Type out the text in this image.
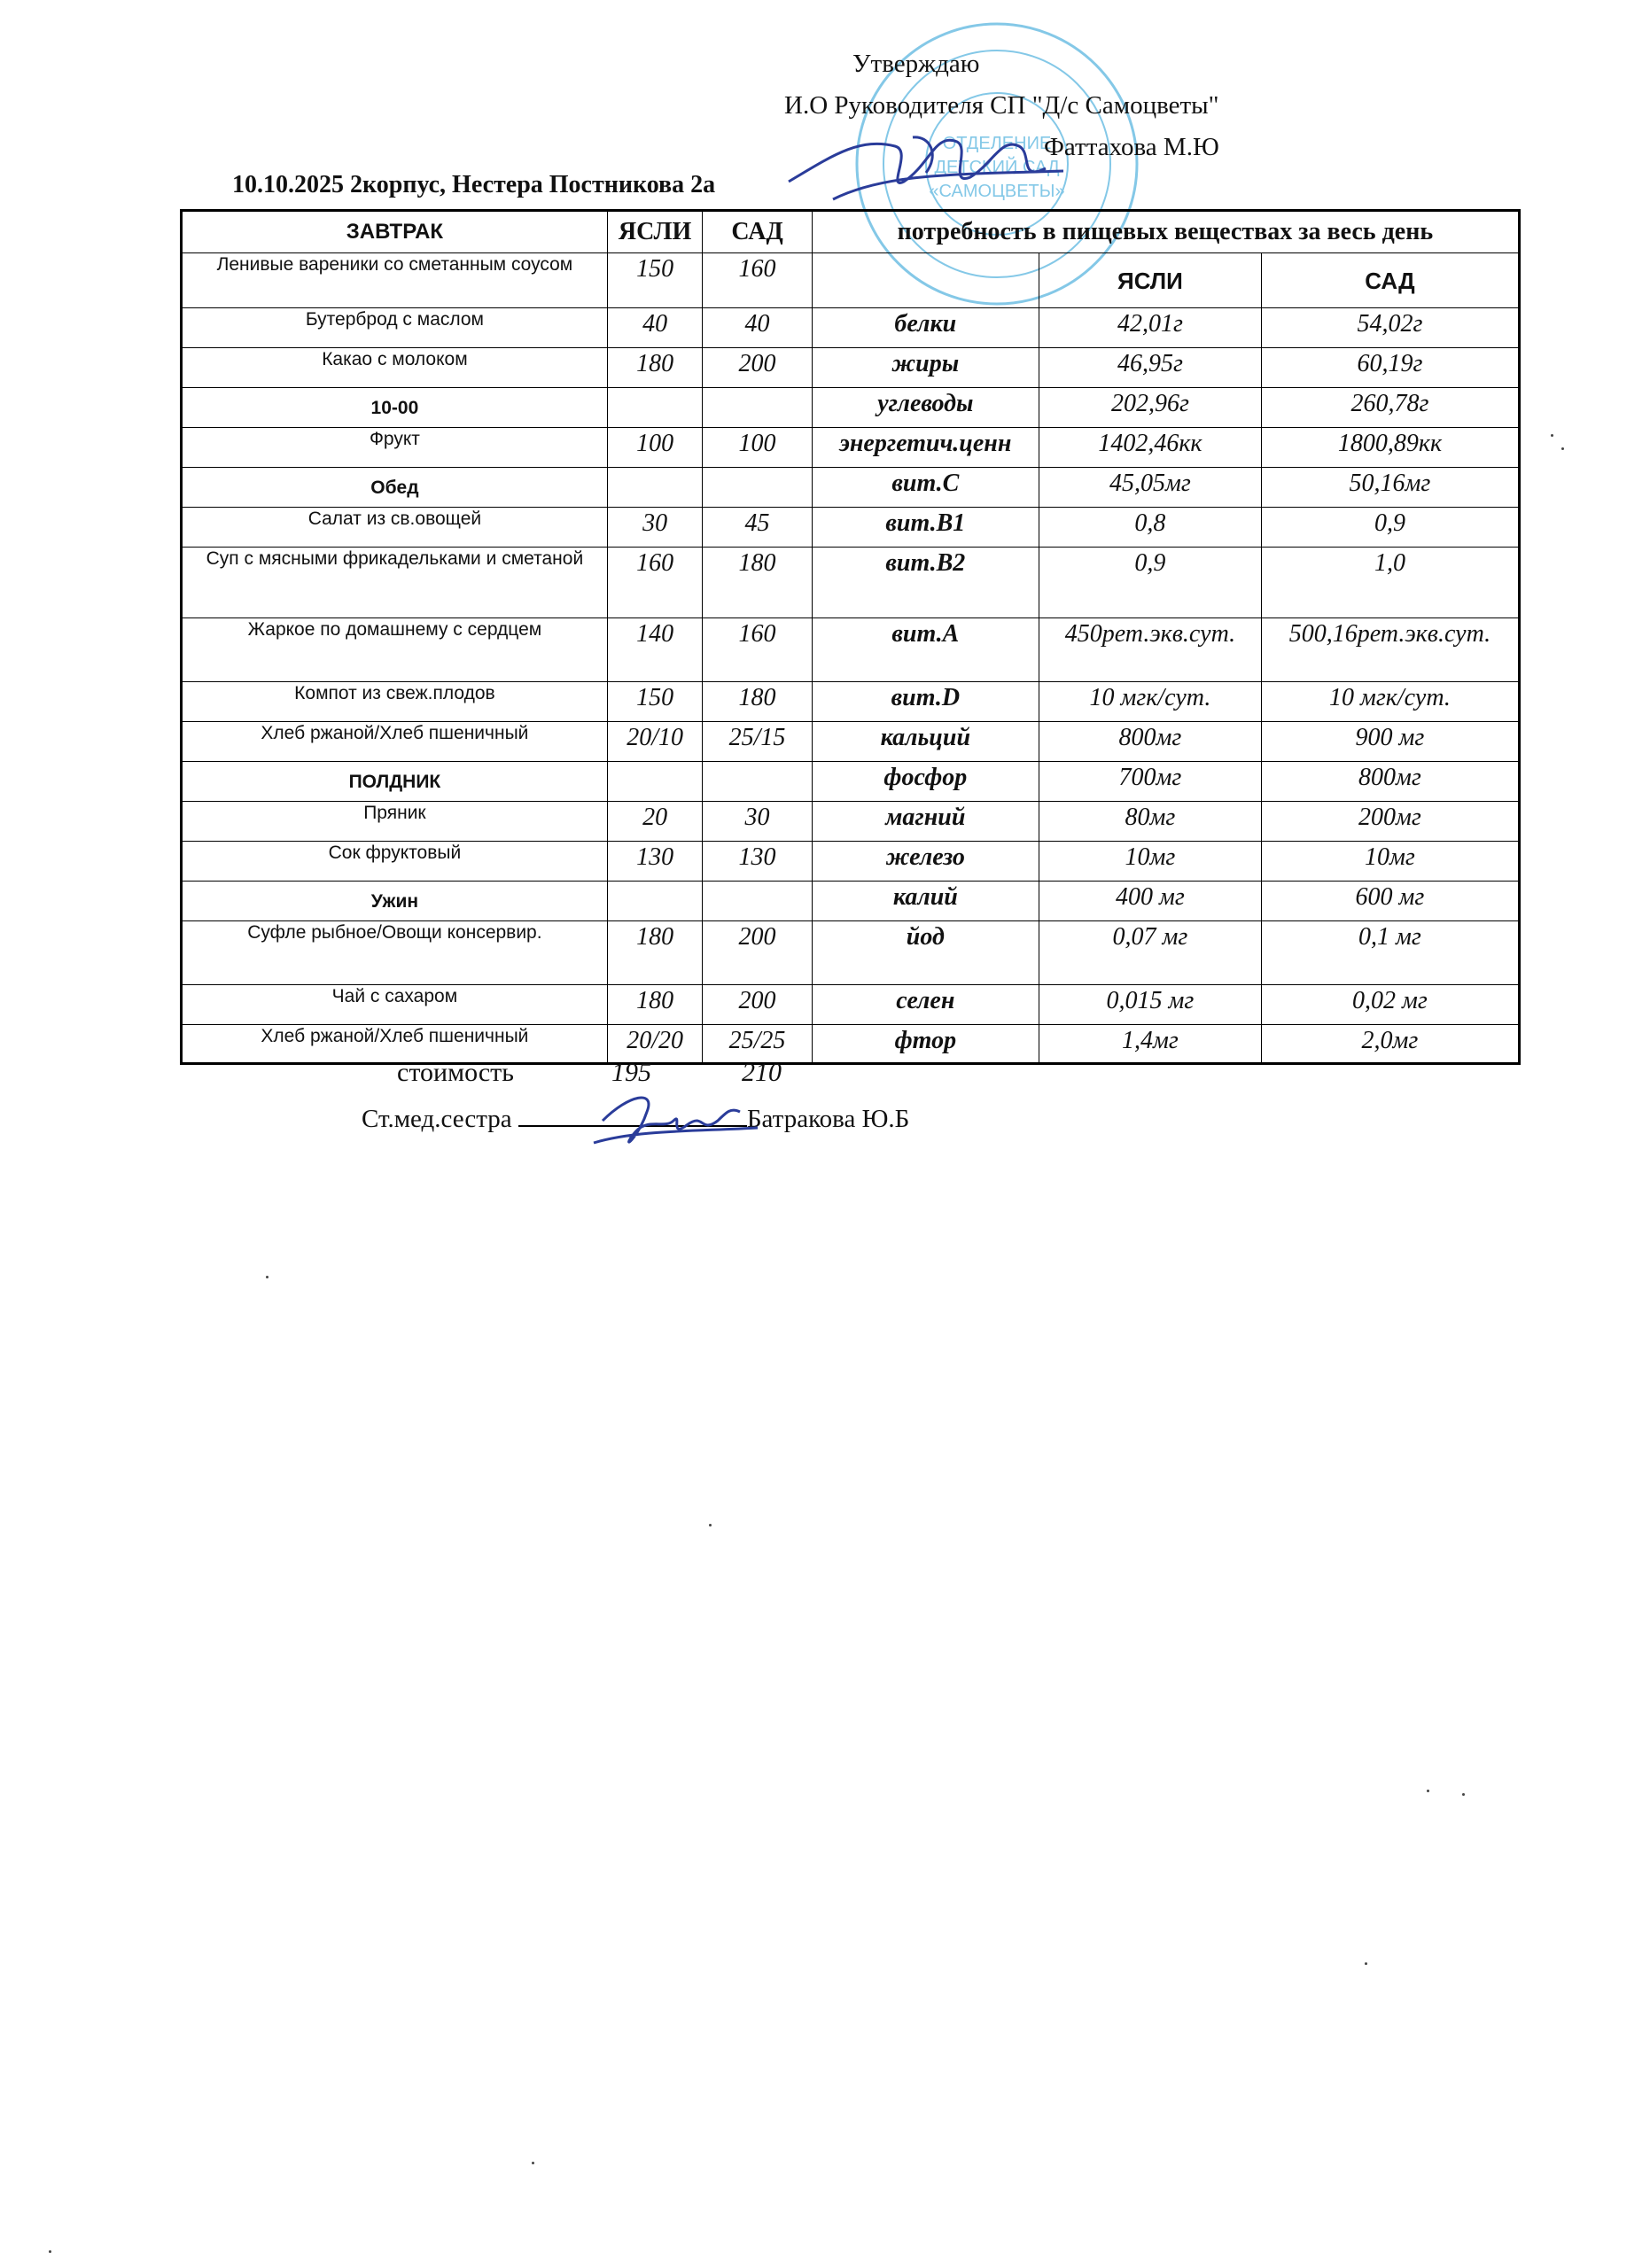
ОТДЕЛЕНИЕ
ДЕТСКИЙ САД
«САМОЦВЕТЫ»
Утверждаю
И.О Руководителя СП "Д/с Самоцветы"
Фаттахова М.Ю
10.10.2025 2корпус, Нестера Постникова 2а
ЗАВТРАК	ЯСЛИ	САД	потребность в пищевых веществах за весь день		
Ленивые вареники со сметанным соусом	150	160		ЯСЛИ	САД
Бутерброд с маслом	40	40	белки	42,01г	54,02г
Какао с молоком	180	200	жиры	46,95г	60,19г
10-00			углеводы	202,96г	260,78г
Фрукт	100	100	энергетич.ценн	1402,46кк	1800,89кк
Обед			вит.С	45,05мг	50,16мг
Салат из св.овощей	30	45	вит.B1	0,8	0,9
Суп с мясными фрикадельками и сметаной	160	180	вит.B2	0,9	1,0
Жаркое по домашнему с сердцем	140	160	вит.A	450рет.экв.сут.	500,16рет.экв.сут.
Компот из свеж.плодов	150	180	вит.D	10 мгк/сут.	10 мгк/сут.
Хлеб ржаной/Хлеб пшеничный	20/10	25/15	кальций	800мг	900 мг
ПОЛДНИК			фосфор	700мг	800мг
Пряник	20	30	магний	80мг	200мг
Сок фруктовый	130	130	железо	10мг	10мг
Ужин			калий	400 мг	600 мг
Суфле рыбное/Овощи консервир.	180	200	йод	0,07 мг	0,1 мг
Чай с сахаром	180	200	селен	0,015 мг	0,02 мг
Хлеб ржаной/Хлеб пшеничный	20/20	25/25	фтор	1,4мг	2,0мг
стоимость	195	210
Ст.мед.сестра	Батракова Ю.Б
